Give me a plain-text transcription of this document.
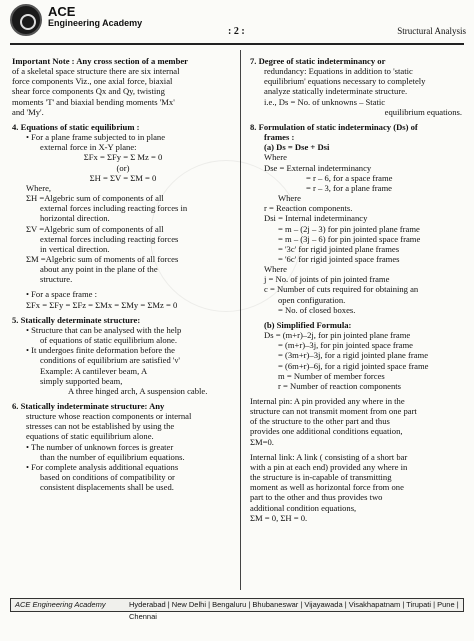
ACE
Engineering Academy
: 2 :	Structural Analysis

Important Note : Any cross section of a member

of a skeletal space structure there are six internal

force components Viz., one axial force, biaxial

shear force components Qx and Qy, twisting

moments 'T' and biaxial bending moments 'Mx'

and 'My'.

4. Equations of static equilibrium :

• For a plane frame subjected to in plane

external force in X-Y plane:

ΣFx = ΣFy = Σ Mz = 0

(or)

ΣH = ΣV = ΣM = 0

Where,

ΣH =Algebric sum of components of all

external forces including reacting forces in

horizontal direction.

ΣV =Algebric sum of components of all

external forces including reacting forces

in vertical direction.

ΣM =Algebric sum of moments of all forces

about any point in the plane of the

structure.

• For a space frame :

ΣFx = ΣFy = ΣFz = ΣMx = ΣMy = ΣMz = 0

5. Statically determinate structure:

• Structure that can be analysed with the help

of equations of static equilibrium alone.

• It undergoes finite deformation before the

conditions of equilibrium are satisfied 'ν'

Example: A cantilever beam, A

simply supported beam,

A three hinged arch, A suspension cable.

6. Statically indeterminate structure: Any

structure whose reaction components or internal

stresses can not be established by using the

equations of static equilibrium alone.

• The number of unknown forces is greater

than the number of equilibrium equations.

• For complete analysis additional equations

based on conditions of compatibility or

consistent displacements shall be used.

7. Degree of static indeterminancy or

redundancy: Equations in addition to 'static

equilibrium' equations necessary to completely

analyze statically indeterminate structure.

i.e., Ds = No. of unknowns – Static

equilibrium equations.

8. Formulation of static indeterminacy (Ds) of

frames :

(a) Ds = Dse + Dsi

Where

Dse = External indeterminancy

= r – 6, for a space frame

= r – 3, for a plane frame

Where

r = Reaction components.

Dsi = Internal indeterminancy

= m – (2j – 3) for pin jointed plane frame

= m – (3j – 6) for pin jointed space frame

= '3c' for rigid jointed plane frames

= '6c' for rigid jointed space frames

Where

j = No. of joints of pin jointed frame

c = Number of cuts required for obtaining an

open configuration.

= No. of closed boxes.

(b) Simplified Formula:

Ds = (m+r)–2j, for pin jointed plane frame

= (m+r)–3j, for pin jointed space frame

= (3m+r)–3j, for a rigid jointed plane frame

= (6m+r)–6j, for a rigid jointed space frame

m = Number of member forces

r = Number of reaction components

Internal pin: A pin provided any where in the

structure can not transmit moment from one part

of the structure to the other part and thus

provides one additional conditions equation,

ΣM=0.

Internal link: A link ( consisting of a short bar

with a pin at each end) provided any where in

the structure is in-capable of transmitting

moment as well as horizontal force from one

part to the other and thus provides two

additional condition equations,

ΣM = 0, ΣH = 0.

ACE Engineering Academy	Hyderabad | New Delhi | Bengaluru | Bhubaneswar | Vijayawada | Visakhapatnam | Tirupati | Pune | Chennai
